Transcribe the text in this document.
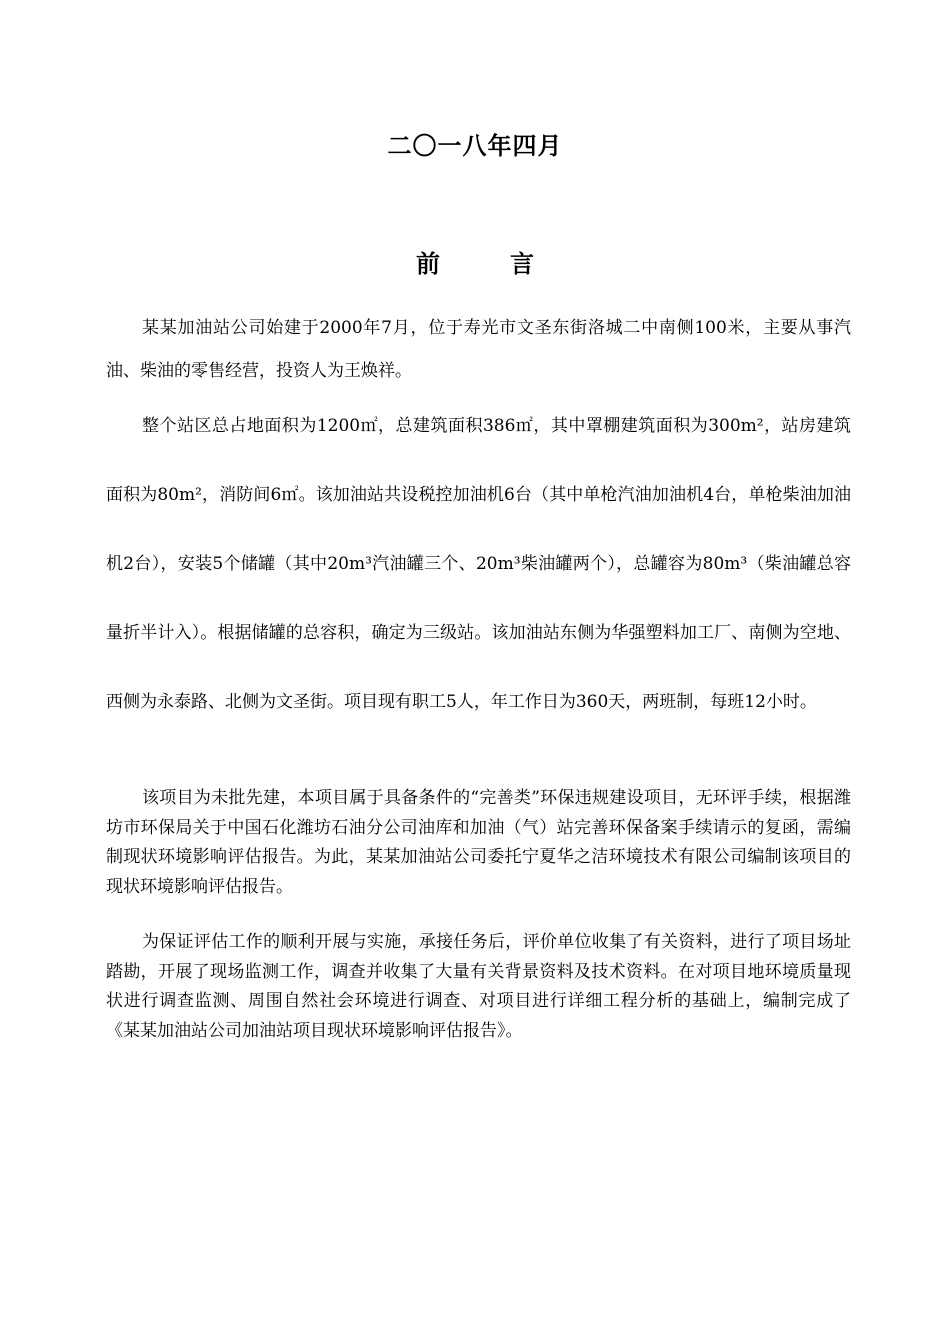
二〇一八年四月
前	言

某某加油站公司始建于2000年7月，位于寿光市文圣东街洛城二中南侧100米，主要从事汽油、柴油的零售经营，投资人为王焕祥。

整个站区总占地面积为1200㎡，总建筑面积386㎡，其中罩棚建筑面积为300m²，站房建筑面积为80m²，消防间6㎡。该加油站共设税控加油机6台（其中单枪汽油加油机4台，单枪柴油加油机2台），安装5个储罐（其中20m³汽油罐三个、20m³柴油罐两个），总罐容为80m³（柴油罐总容量折半计入）。根据储罐的总容积，确定为三级站。该加油站东侧为华强塑料加工厂、南侧为空地、西侧为永泰路、北侧为文圣街。项目现有职工5人，年工作日为360天，两班制，每班12小时。

该项目为未批先建，本项目属于具备条件的“完善类”环保违规建设项目，无环评手续，根据潍坊市环保局关于中国石化潍坊石油分公司油库和加油（气）站完善环保备案手续请示的复函，需编制现状环境影响评估报告。为此，某某加油站公司委托宁夏华之洁环境技术有限公司编制该项目的现状环境影响评估报告。

为保证评估工作的顺利开展与实施，承接任务后，评价单位收集了有关资料，进行了项目场址踏勘，开展了现场监测工作，调查并收集了大量有关背景资料及技术资料。在对项目地环境质量现状进行调查监测、周围自然社会环境进行调查、对项目进行详细工程分析的基础上，编制完成了《某某加油站公司加油站项目现状环境影响评估报告》。
